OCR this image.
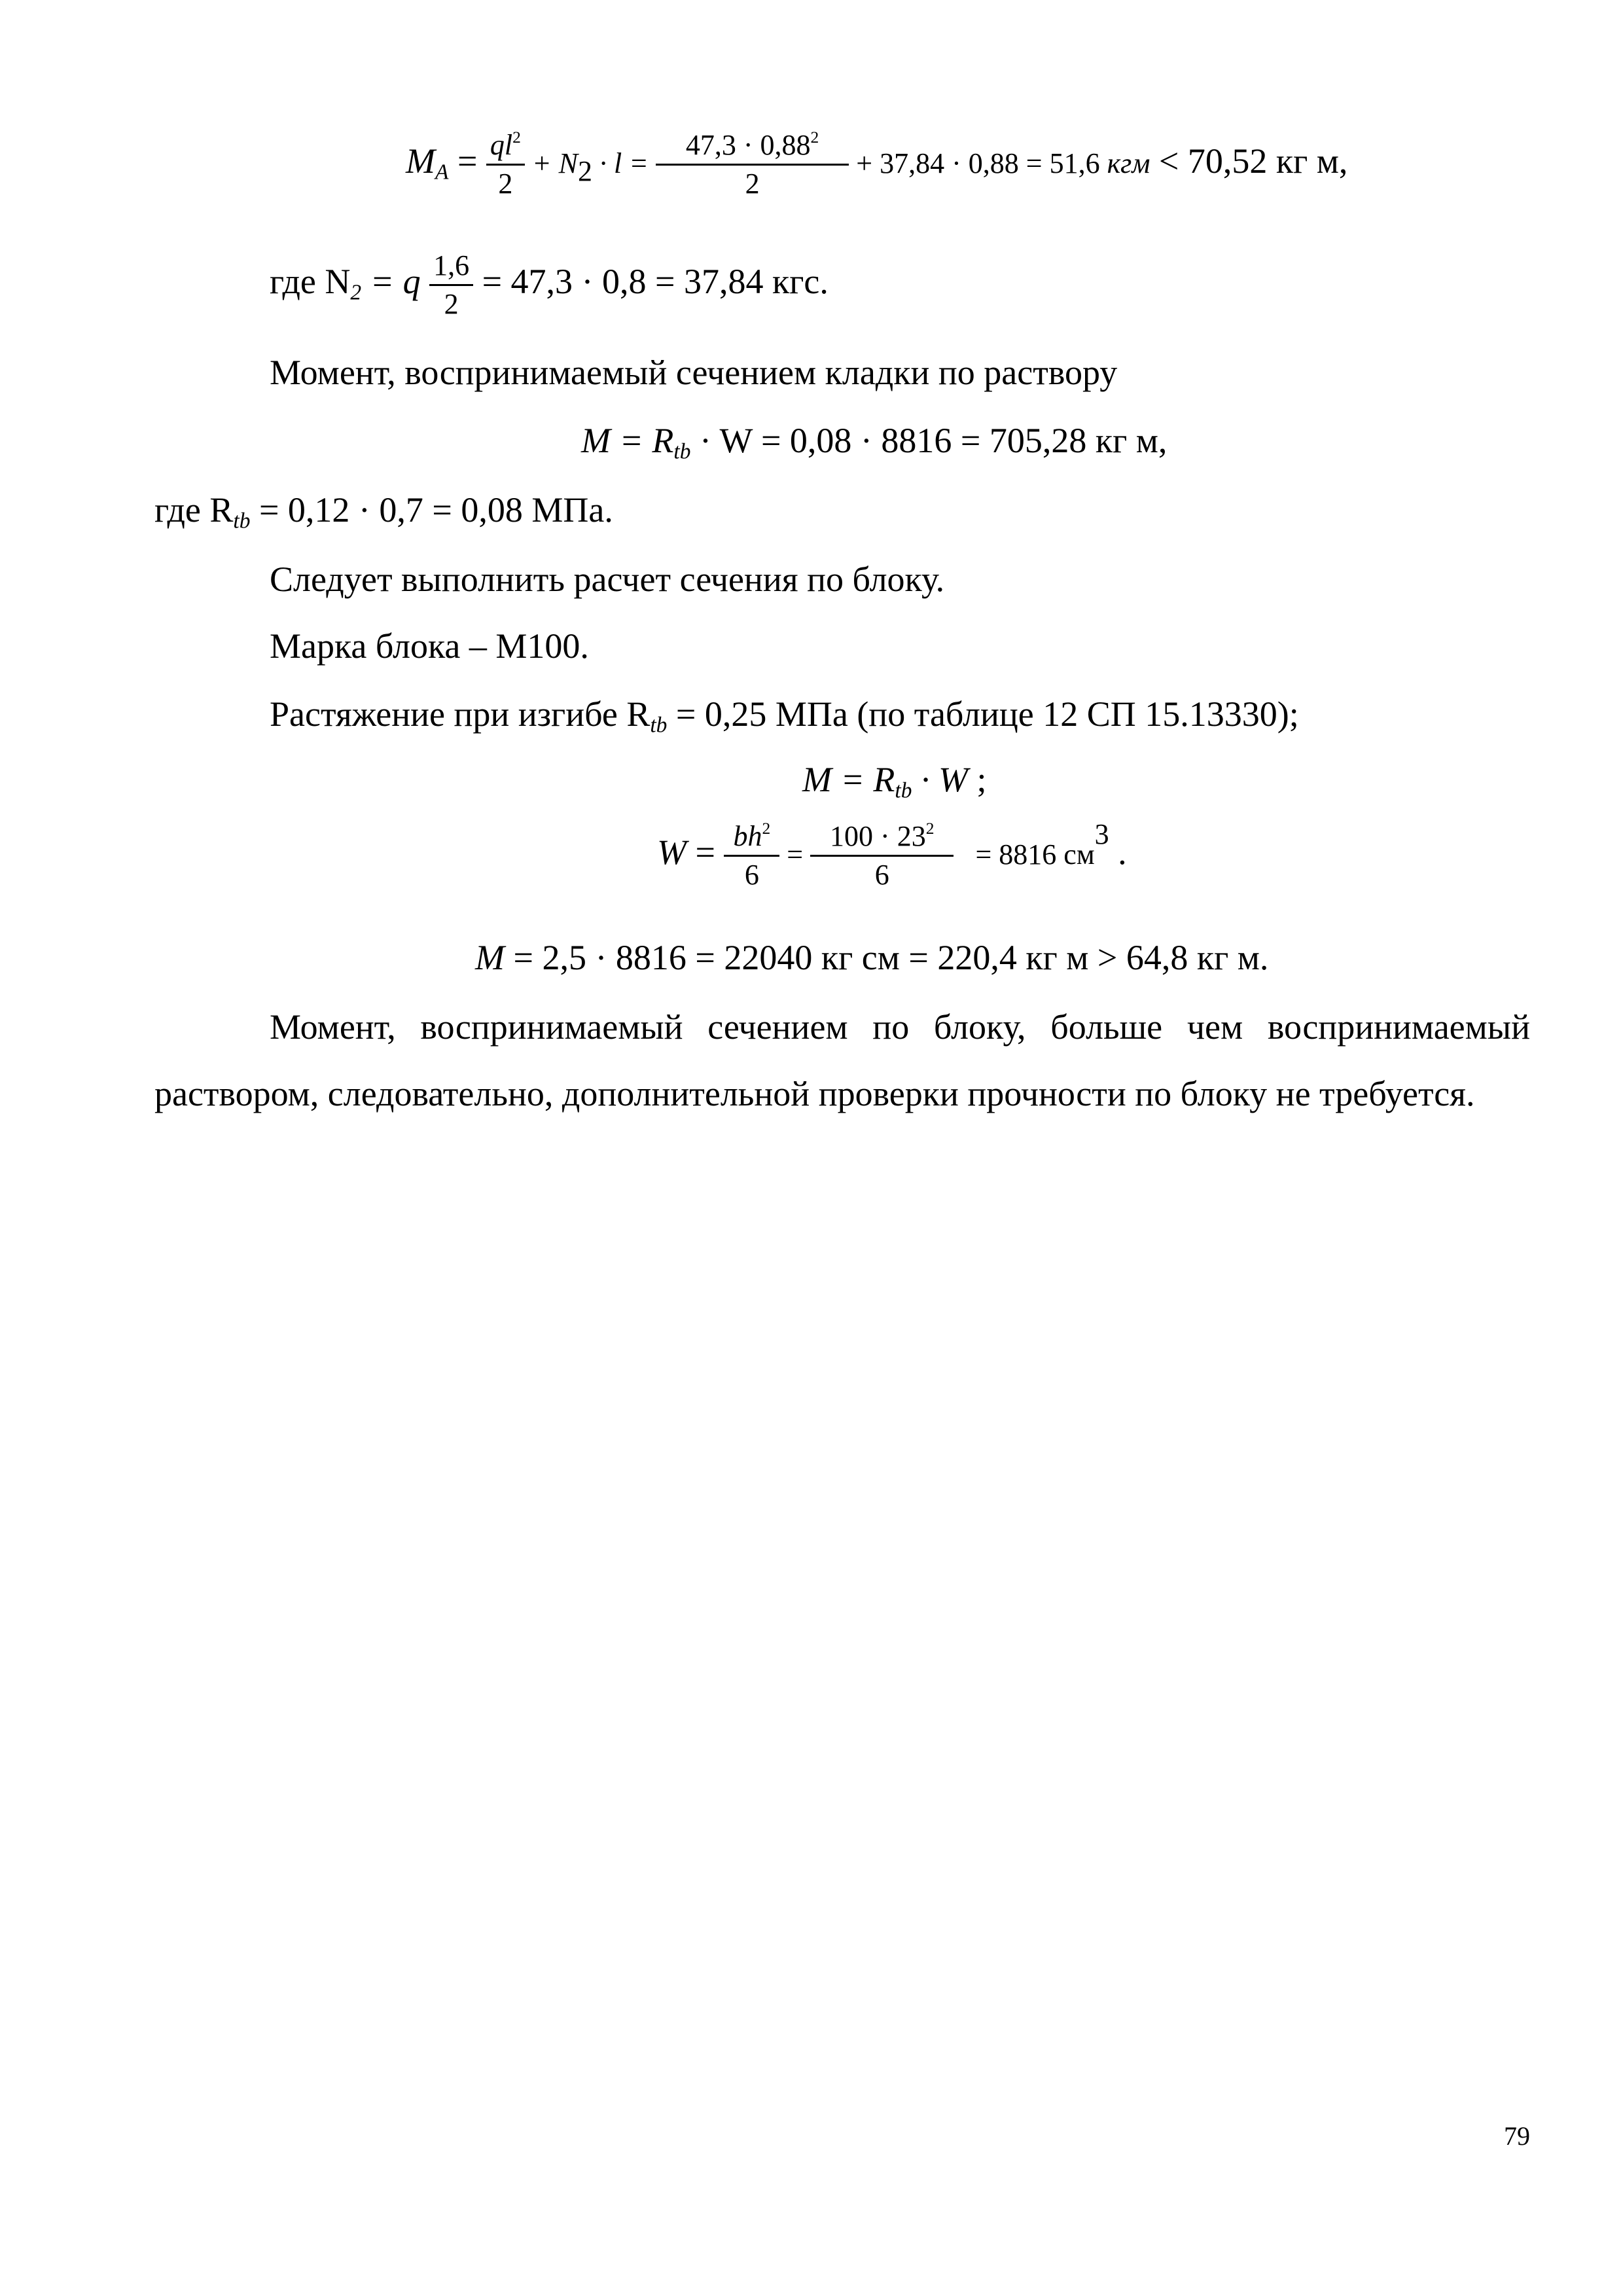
$M_A = \frac{ql^2}{2} + N_2 \cdot l = \frac{47,3 \cdot 0,88^2}{2} + 37,84 \cdot 0,88 = 51,6$ кгм < 70,52 кг м,
где $N_2 = q \frac{1,6}{2} = 47,3 \cdot 0,8 = 37,84$ кгс.
Момент, воспринимаемый сечением кладки по раствору
$M = R_{tb} \cdot W = 0,08 \cdot 8816 = 705,28$ кг м,
где $R_{tb} = 0,12 \cdot 0,7 = 0,08$ МПа.
Следует выполнить расчет сечения по блоку.
Марка блока – М100.
Растяжение при изгибе $R_{tb} = 0,25$ МПа (по таблице 12 СП 15.13330);
$M = R_{tb} \cdot W$ ;
$W = \frac{bh^2}{6} = \frac{100 \cdot 23^2}{6} = 8816$ $см^3$ .
M = 2,5 · 8816 = 22040 кг см = 220,4 кг м > 64,8 кг м.
Момент, воспринимаемый сечением по блоку, больше чем воспринимаемый раствором, следовательно, дополнительной проверки прочности по блоку не требуется.
79
